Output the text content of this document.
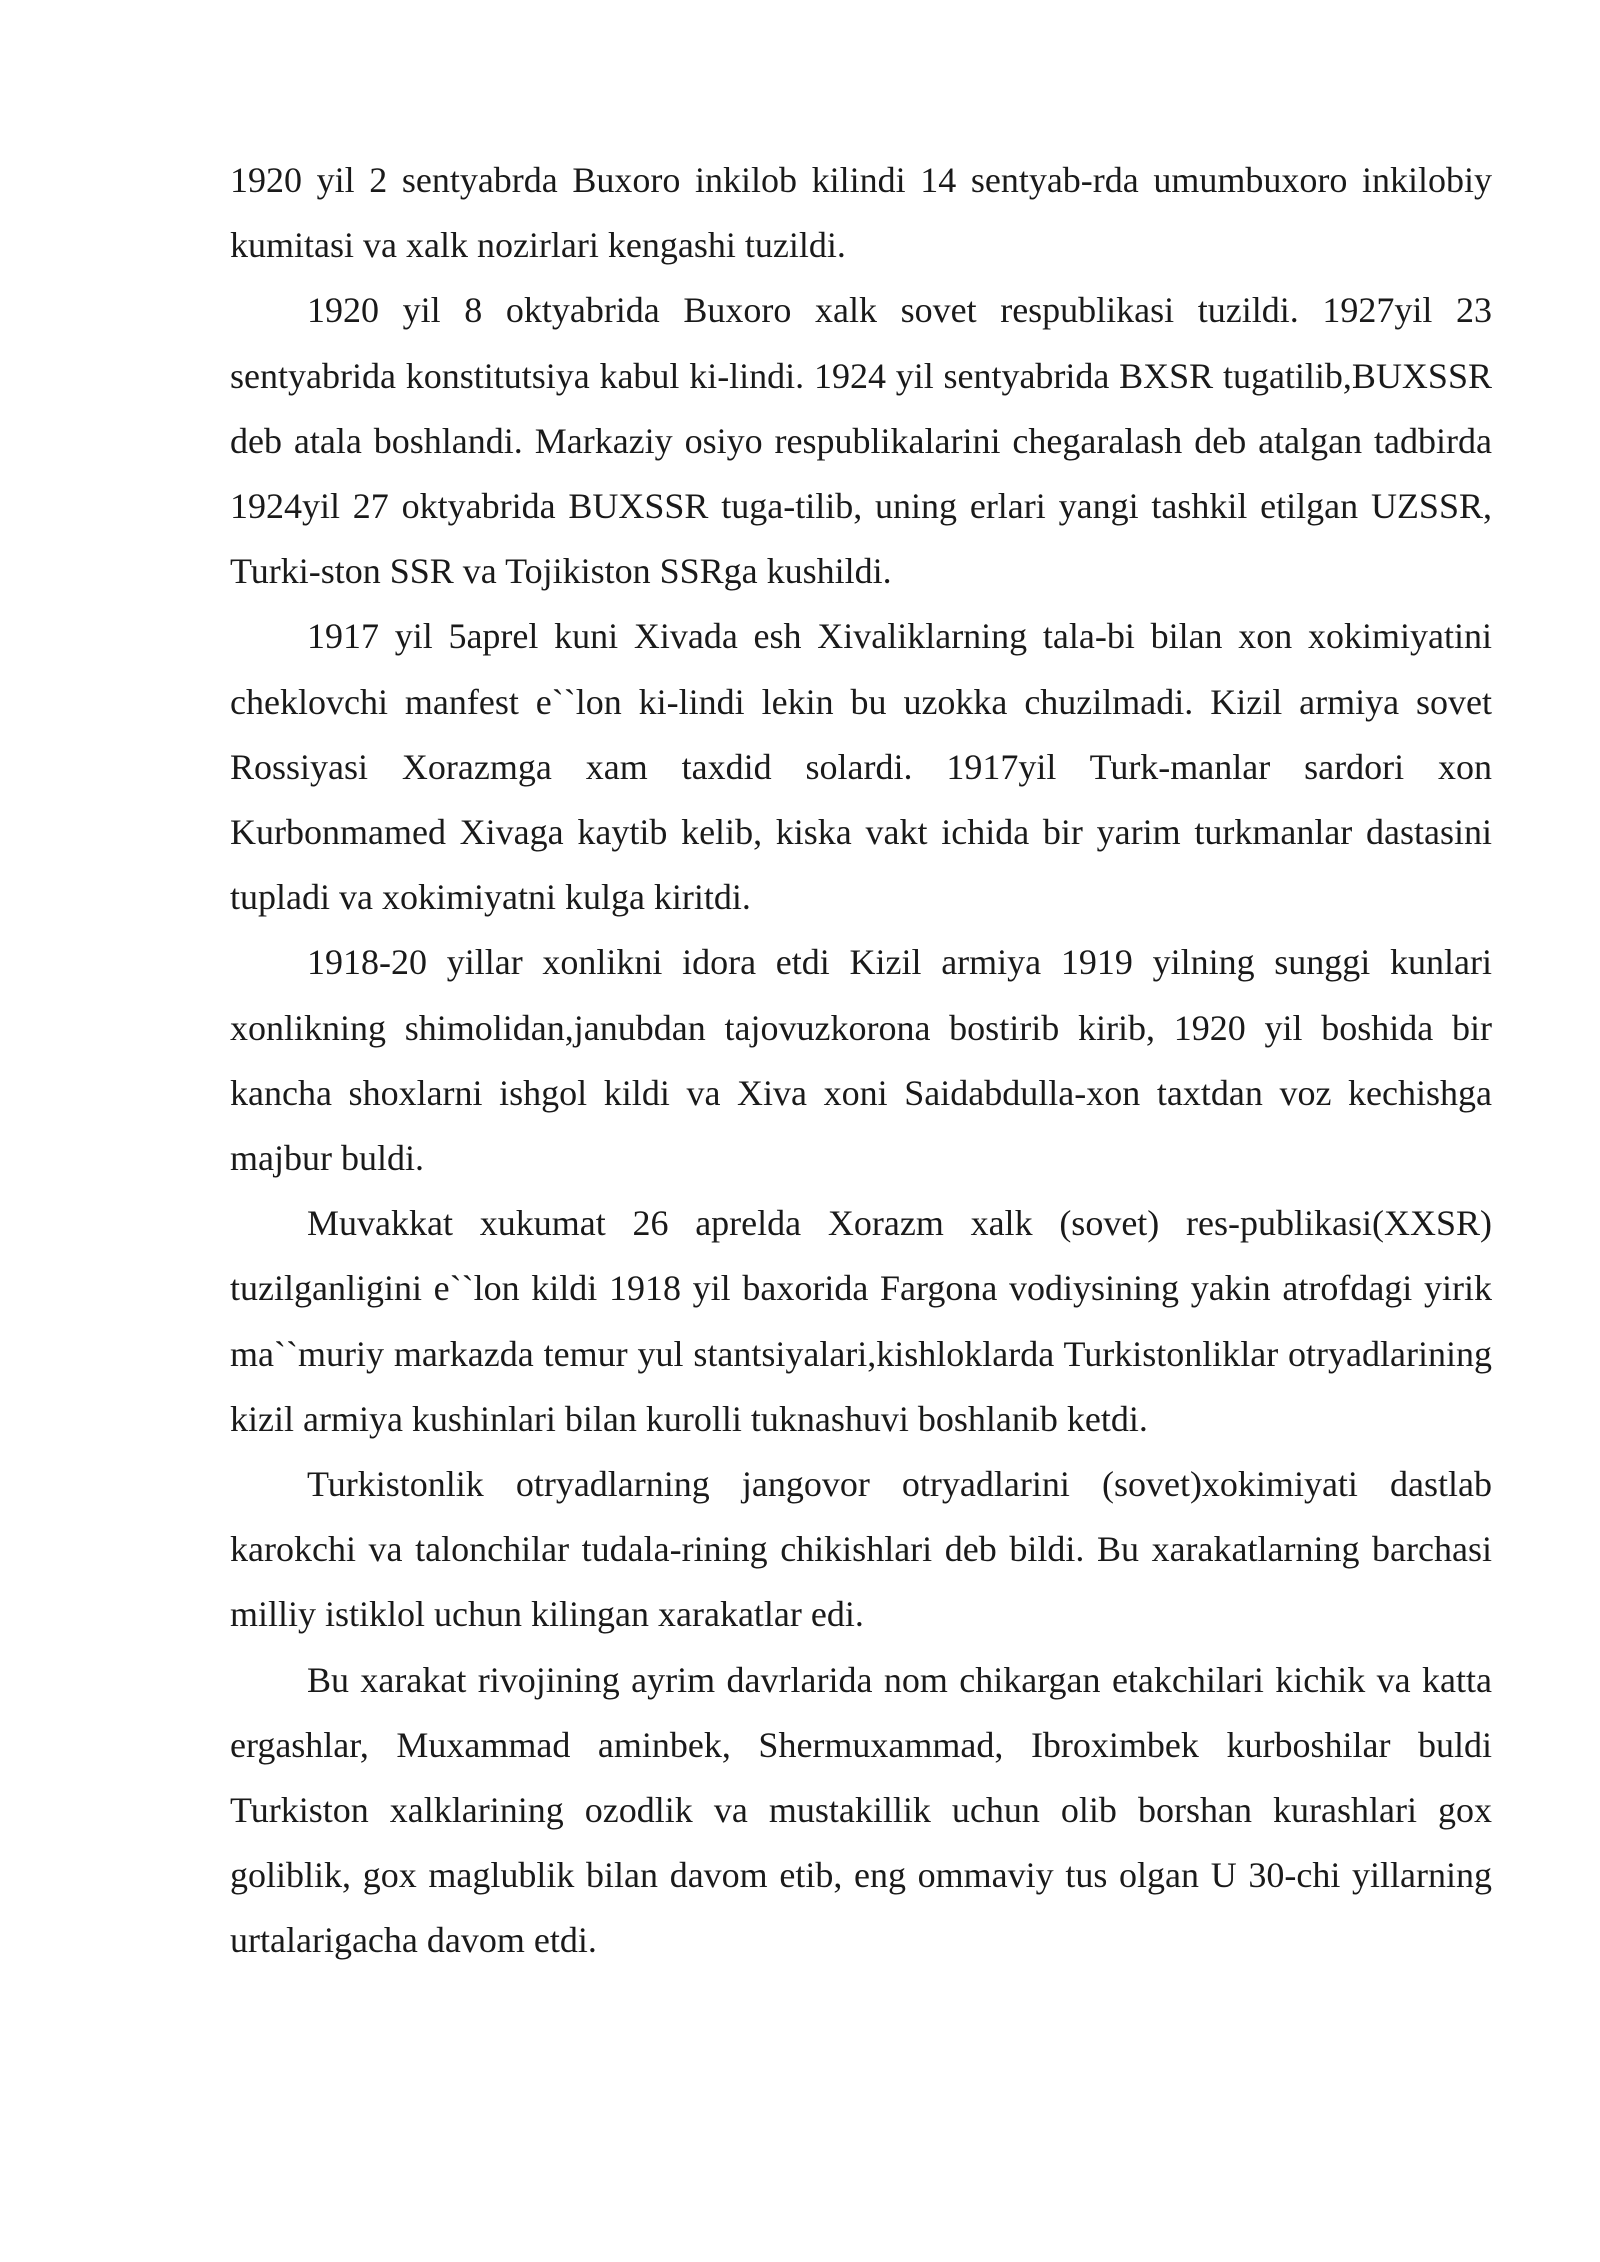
1920 yil 2 sentyabrda Buxoro inkilob kilindi 14 sentyab-rda umumbuxoro inkilobiy kumitasi va xalk nozirlari kengashi tuzildi.

1920 yil 8 oktyabrida Buxoro xalk sovet respublikasi tuzildi. 1927yil 23 sentyabrida konstitutsiya kabul ki-lindi. 1924 yil sentyabrida BXSR tugatilib,BUXSSR deb atala boshlandi. Markaziy osiyo respublikalarini chegaralash deb atalgan tadbirda 1924yil 27 oktyabrida BUXSSR tuga-tilib, uning erlari yangi tashkil etilgan UZSSR, Turki-ston SSR va Tojikiston SSRga kushildi.

1917 yil 5aprel kuni Xivada esh Xivaliklarning tala-bi bilan xon xokimiyatini cheklovchi manfest e``lon ki-lindi lekin bu uzokka chuzilmadi. Kizil armiya sovet Rossiyasi Xorazmga xam taxdid solardi. 1917yil Turk-manlar sardori xon Kurbonmamed Xivaga kaytib kelib, kiska vakt ichida bir yarim turkmanlar dastasini tupladi va xokimiyatni kulga kiritdi.

1918-20 yillar xonlikni idora etdi Kizil armiya 1919 yilning sunggi kunlari xonlikning shimolidan,janubdan tajovuzkorona bostirib kirib, 1920 yil boshida bir kancha shoxlarni ishgol kildi va Xiva xoni Saidabdulla-xon taxtdan voz kechishga majbur buldi.

Muvakkat xukumat 26 aprelda Xorazm xalk (sovet) res-publikasi(XXSR) tuzilganligini e``lon kildi 1918 yil baxorida Fargona vodiysining yakin atrofdagi yirik ma``muriy markazda temur yul stantsiyalari,kishloklarda Turkistonliklar otryadlarining kizil armiya kushinlari bilan kurolli tuknashuvi boshlanib ketdi.

Turkistonlik otryadlarning jangovor otryadlarini (sovet)xokimiyati dastlab karokchi va talonchilar tudala-rining chikishlari deb bildi. Bu xarakatlarning barchasi milliy istiklol uchun kilingan xarakatlar edi.

Bu xarakat rivojining ayrim davrlarida nom chikargan etakchilari kichik va katta ergashlar, Muxammad aminbek, Shermuxammad, Ibroximbek kurboshilar buldi Turkiston xalklarining ozodlik va mustakillik uchun olib borshan kurashlari gox goliblik, gox maglublik bilan davom etib, eng ommaviy tus olgan U 30-chi yillarning urtalarigacha davom etdi.
